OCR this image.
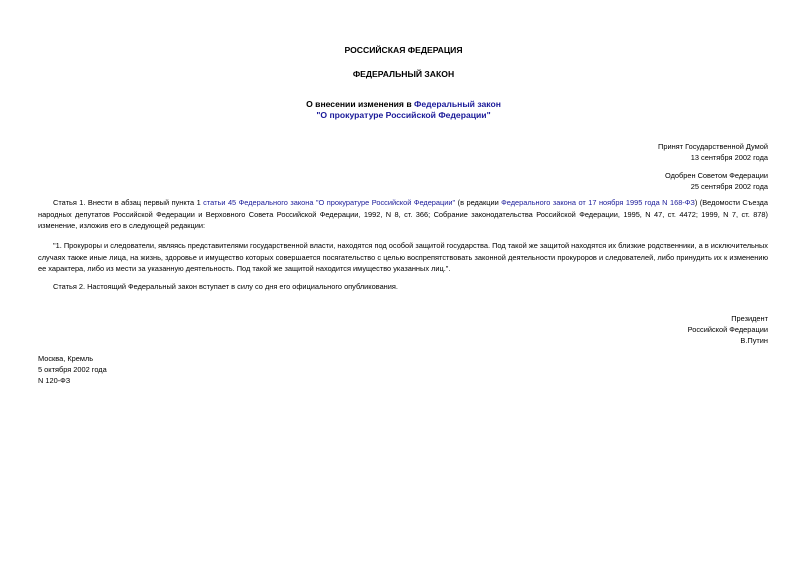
РОССИЙСКАЯ ФЕДЕРАЦИЯ
ФЕДЕРАЛЬНЫЙ ЗАКОН
О внесении изменения в Федеральный закон
"О прокуратуре Российской Федерации"
Принят Государственной Думой
13 сентября 2002 года
Одобрен Советом Федерации
25 сентября 2002 года
Статья 1. Внести в абзац первый пункта 1 статьи 45 Федерального закона "О прокуратуре Российской Федерации" (в редакции Федерального закона от 17 ноября 1995 года N 168-ФЗ) (Ведомости Съезда народных депутатов Российской Федерации и Верховного Совета Российской Федерации, 1992, N 8, ст. 366; Собрание законодательства Российской Федерации, 1995, N 47, ст. 4472; 1999, N 7, ст. 878) изменение, изложив его в следующей редакции:
"1. Прокуроры и следователи, являясь представителями государственной власти, находятся под особой защитой государства. Под такой же защитой находятся их близкие родственники, а в исключительных случаях также иные лица, на жизнь, здоровье и имущество которых совершается посягательство с целью воспрепятствовать законной деятельности прокуроров и следователей, либо принудить их к изменению ее характера, либо из мести за указанную деятельность. Под такой же защитой находится имущество указанных лиц.".
Статья 2. Настоящий Федеральный закон вступает в силу со дня его официального опубликования.
Президент
Российской Федерации
В.Путин
Москва, Кремль
5 октября 2002 года
N 120-ФЗ
